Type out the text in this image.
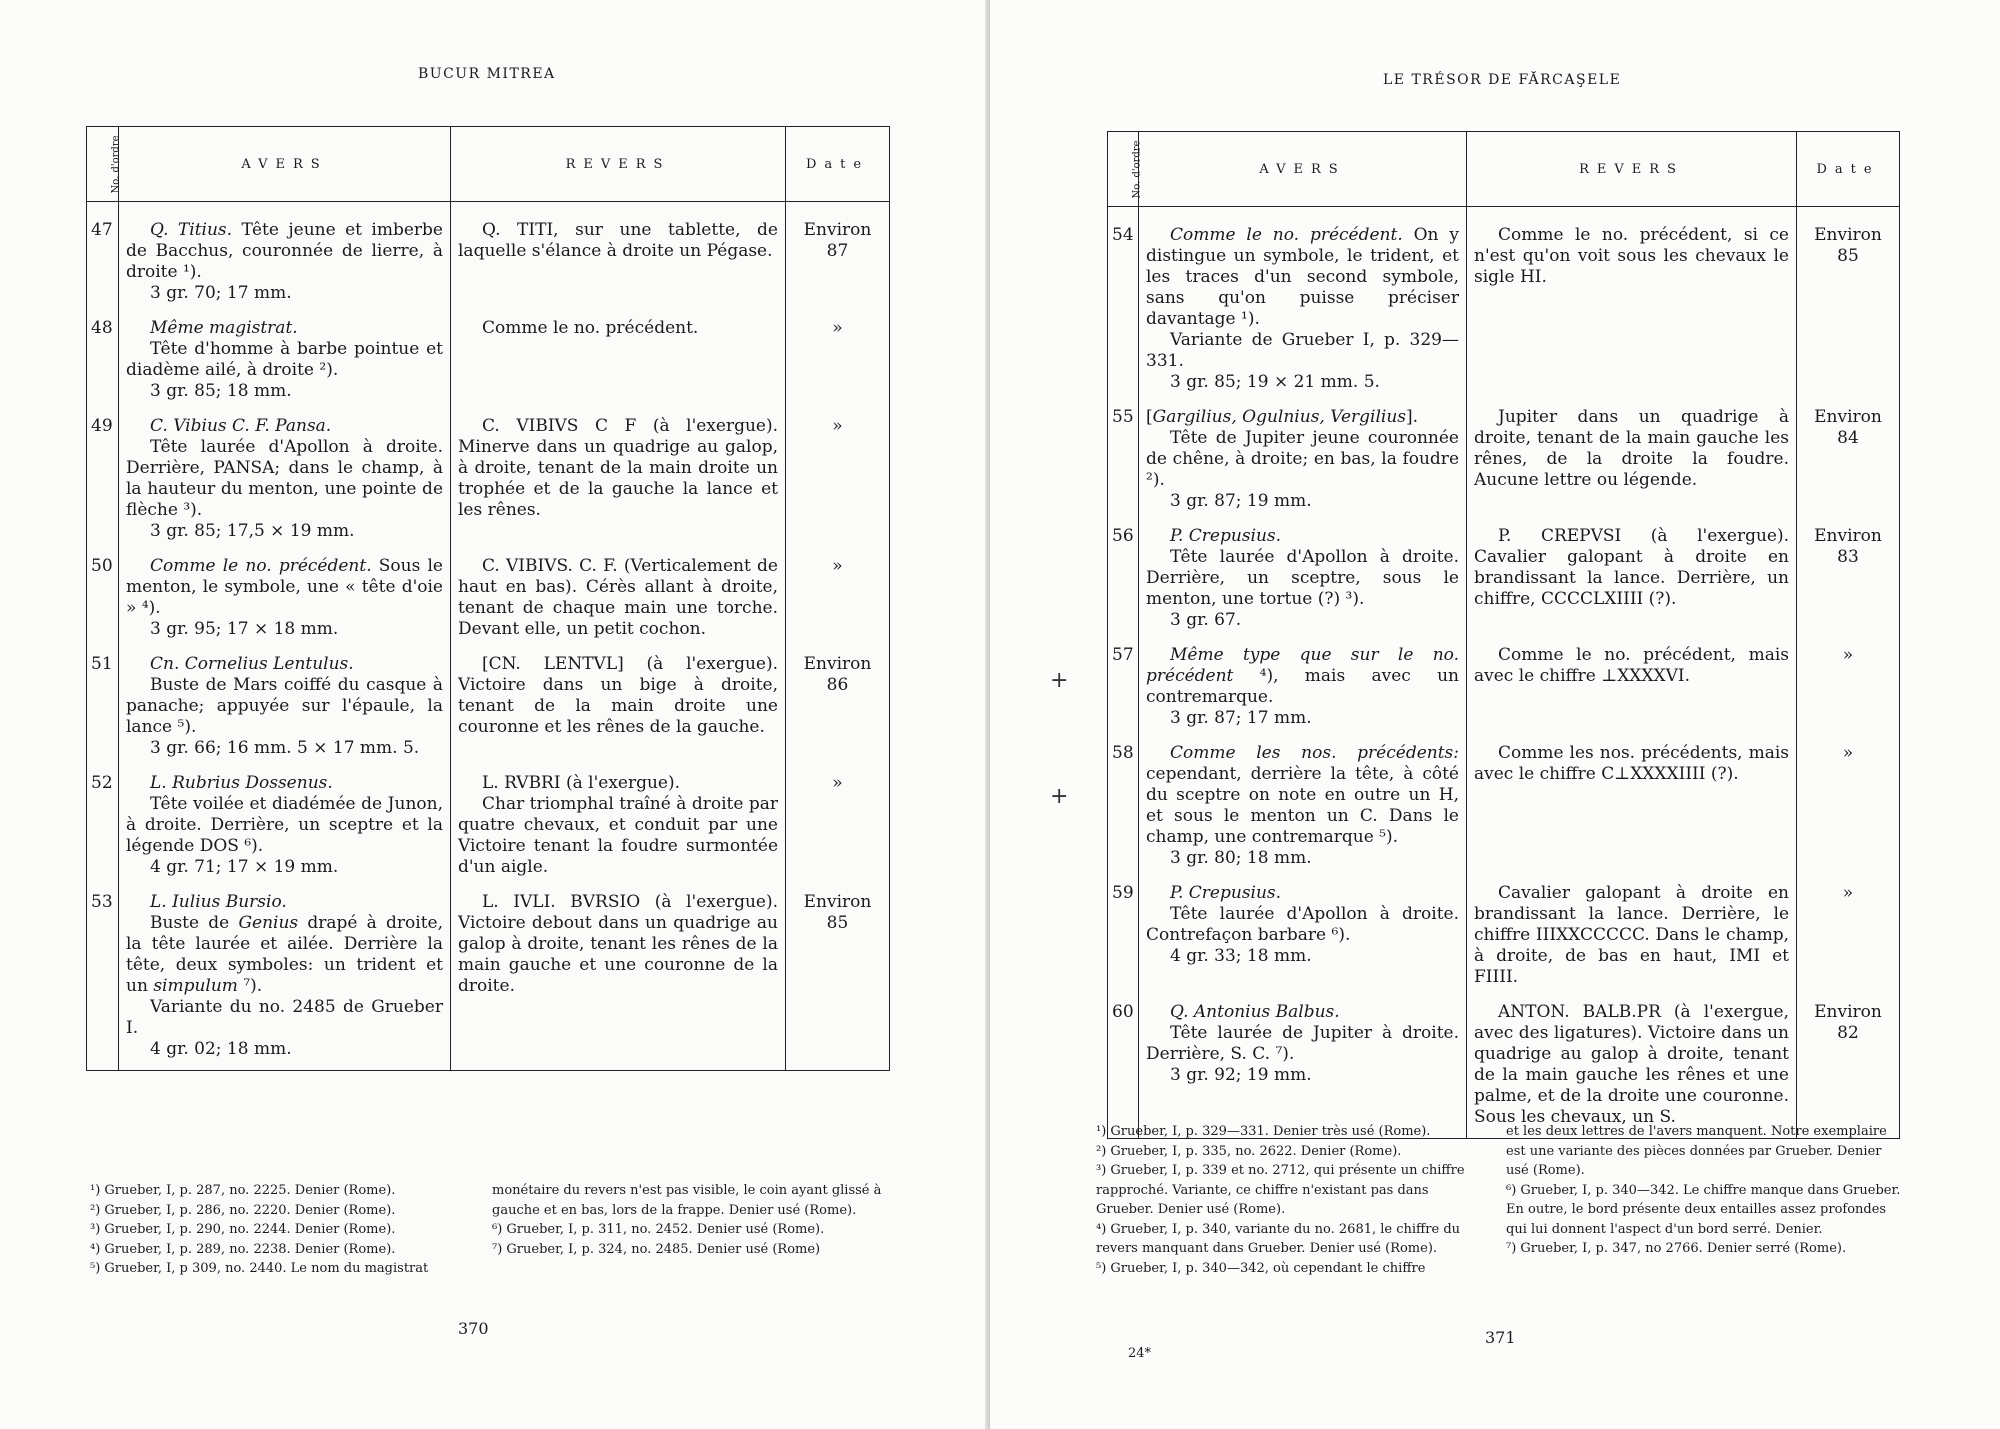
BUCUR MITREA
No. d'ordre	AVERS	REVERS	Date
47	Q. Titius. Tête jeune et imberbe de Bacchus, couronnée de lierre, à droite ¹).
3 gr. 70; 17 mm.	Q. TITI, sur une tablette, de laquelle s'élance à droite un Pégase.	Environ 87
48	Même magistrat.
Tête d'homme à barbe pointue et diadème ailé, à droite ²).
3 gr. 85; 18 mm.	Comme le no. précédent.	»
49	C. Vibius C. F. Pansa.
Tête laurée d'Apollon à droite. Derrière, PANSA; dans le champ, à la hauteur du menton, une pointe de flèche ³).
3 gr. 85; 17,5 × 19 mm.	C. VIBIVS C F (à l'exergue). Minerve dans un quadrige au galop, à droite, tenant de la main droite un trophée et de la gauche la lance et les rênes.	»
50	Comme le no. précédent. Sous le menton, le symbole, une « tête d'oie » ⁴).
3 gr. 95; 17 × 18 mm.	C. VIBIVS. C. F. (Verticalement de haut en bas). Cérès allant à droite, tenant de chaque main une torche. Devant elle, un petit cochon.	»
51	Cn. Cornelius Lentulus.
Buste de Mars coiffé du casque à panache; appuyée sur l'épaule, la lance ⁵).
3 gr. 66; 16 mm. 5 × 17 mm. 5.	[CN. LENTVL] (à l'exergue). Victoire dans un bige à droite, tenant de la main droite une couronne et les rênes de la gauche.	Environ 86
52	L. Rubrius Dossenus.
Tête voilée et diadémée de Junon, à droite. Derrière, un sceptre et la légende DOS ⁶).
4 gr. 71; 17 × 19 mm.	L. RVBRI (à l'exergue).
Char triomphal traîné à droite par quatre chevaux, et conduit par une Victoire tenant la foudre surmontée d'un aigle.	»
53	L. Iulius Bursio.
Buste de Genius drapé à droite, la tête laurée et ailée. Derrière la tête, deux symboles: un trident et un simpulum ⁷).
Variante du no. 2485 de Grueber I.
4 gr. 02; 18 mm.	L. IVLI. BVRSIO (à l'exergue). Victoire debout dans un quadrige au galop à droite, tenant les rênes de la main gauche et une couronne de la droite.	Environ 85
¹) Grueber, I, p. 287, no. 2225. Denier (Rome).
²) Grueber, I, p. 286, no. 2220. Denier (Rome).
³) Grueber, I, p. 290, no. 2244. Denier (Rome).
⁴) Grueber, I, p. 289, no. 2238. Denier (Rome).
⁵) Grueber, I, p 309, no. 2440. Le nom du magistrat
monétaire du revers n'est pas visible, le coin ayant glissé à gauche et en bas, lors de la frappe. Denier usé (Rome).
⁶) Grueber, I, p. 311, no. 2452. Denier usé (Rome).
⁷) Grueber, I, p. 324, no. 2485. Denier usé (Rome)
370
LE TRÉSOR DE FĂRCAŞELE
No. d'ordre	AVERS	REVERS	Date
54	Comme le no. précédent. On y distingue un symbole, le trident, et les traces d'un second symbole, sans qu'on puisse préciser davantage ¹).
Variante de Grueber I, p. 329—331.
3 gr. 85; 19 × 21 mm. 5.	Comme le no. précédent, si ce n'est qu'on voit sous les chevaux le sigle HI.	Environ 85
55	[Gargilius, Ogulnius, Vergilius].
Tête de Jupiter jeune couronnée de chêne, à droite; en bas, la foudre ²).
3 gr. 87; 19 mm.	Jupiter dans un quadrige à droite, tenant de la main gauche les rênes, de la droite la foudre. Aucune lettre ou légende.	Environ 84
56	P. Crepusius.
Tête laurée d'Apollon à droite. Derrière, un sceptre, sous le menton, une tortue (?) ³).
3 gr. 67.	P. CREPVSI (à l'exergue). Cavalier galopant à droite en brandissant la lance. Derrière, un chiffre, CCCCLXIIII (?).	Environ 83
57	Même type que sur le no. précédent ⁴), mais avec un contremarque.
3 gr. 87; 17 mm.	Comme le no. précédent, mais avec le chiffre ⊥XXXXVI.	»
58	Comme les nos. précédents: cependant, derrière la tête, à côté du sceptre on note en outre un H, et sous le menton un C. Dans le champ, une contremarque ⁵).
3 gr. 80; 18 mm.	Comme les nos. précédents, mais avec le chiffre C⊥XXXXIIII (?).	»
59	P. Crepusius.
Tête laurée d'Apollon à droite. Contrefaçon barbare ⁶).
4 gr. 33; 18 mm.	Cavalier galopant à droite en brandissant la lance. Derrière, le chiffre IIIXXCCCCC. Dans le champ, à droite, de bas en haut, IMI et FIIII.	»
60	Q. Antonius Balbus.
Tête laurée de Jupiter à droite. Derrière, S. C. ⁷).
3 gr. 92; 19 mm.	ANTON. BALB.PR (à l'exergue, avec des ligatures). Victoire dans un quadrige au galop à droite, tenant de la main gauche les rênes et une palme, et de la droite une couronne. Sous les chevaux, un S.	Environ 82
¹) Grueber, I, p. 329—331. Denier très usé (Rome).
²) Grueber, I, p. 335, no. 2622. Denier (Rome).
³) Grueber, I, p. 339 et no. 2712, qui présente un chiffre rapproché. Variante, ce chiffre n'existant pas dans Grueber. Denier usé (Rome).
⁴) Grueber, I, p. 340, variante du no. 2681, le chiffre du revers manquant dans Grueber. Denier usé (Rome).
⁵) Grueber, I, p. 340—342, où cependant le chiffre
et les deux lettres de l'avers manquent. Notre exemplaire est une variante des pièces données par Grueber. Denier usé (Rome).
⁶) Grueber, I, p. 340—342. Le chiffre manque dans Grueber. En outre, le bord présente deux entailles assez profondes qui lui donnent l'aspect d'un bord serré. Denier.
⁷) Grueber, I, p. 347, no 2766. Denier serré (Rome).
371
24*
+
+
